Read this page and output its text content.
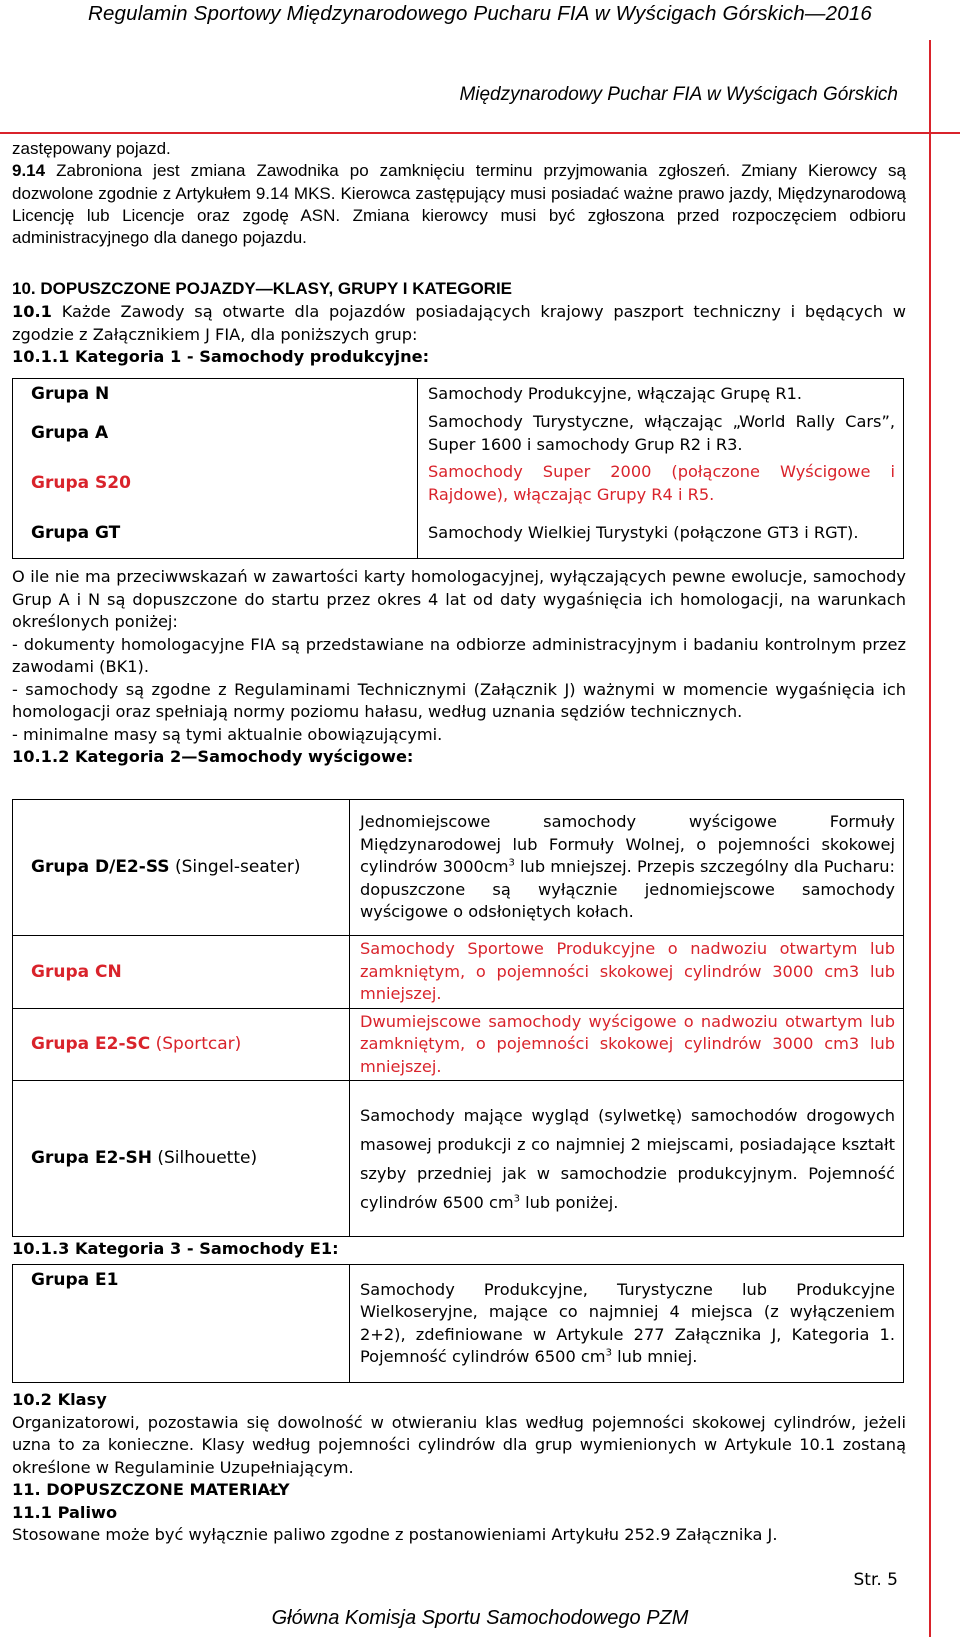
Regulamin Sportowy Międzynarodowego Pucharu FIA w Wyścigach Górskich—2016
Międzynarodowy Puchar FIA w Wyścigach Górskich

zastępowany pojazd.

9.14 Zabroniona jest zmiana Zawodnika po zamknięciu terminu przyjmowania zgłoszeń. Zmiany Kierowcy są dozwolone zgodnie z Artykułem 9.14 MKS. Kierowca zastępujący musi posiadać ważne prawo jazdy, Międzynarodową Licencję lub Licencje oraz zgodę ASN. Zmiana kierowcy musi być zgłoszona przed rozpoczęciem odbioru administracyjnego dla danego pojazdu.

10. DOPUSZCZONE POJAZDY—KLASY, GRUPY I KATEGORIE

10.1 Każde Zawody są otwarte dla pojazdów posiadających krajowy paszport techniczny i będących w zgodzie z Załącznikiem J FIA, dla poniższych grup:

10.1.1 Kategoria 1 - Samochody produkcyjne:

Grupa N	Samochody Produkcyjne, włączając Grupę R1.
Grupa A	Samochody Turystyczne, włączając „World Rally Cars”, Super 1600 i samochody Grup R2 i R3.
Grupa S20	Samochody Super 2000 (połączone Wyścigowe i Rajdowe), włączając Grupy R4 i R5.
Grupa GT	Samochody Wielkiej Turystyki (połączone GT3 i RGT).

O ile nie ma przeciwwskazań w zawartości karty homologacyjnej, wyłączających pewne ewolucje, samochody Grup A i N są dopuszczone do startu przez okres 4 lat od daty wygaśnięcia ich homologacji, na warunkach określonych poniżej:

- dokumenty homologacyjne FIA są przedstawiane na odbiorze administracyjnym i badaniu kontrolnym przez zawodami (BK1).

- samochody są zgodne z Regulaminami Technicznymi (Załącznik J) ważnymi w momencie wygaśnięcia ich homologacji oraz spełniają normy poziomu hałasu, według uznania sędziów technicznych.

- minimalne masy są tymi aktualnie obowiązującymi.

10.1.2 Kategoria 2—Samochody wyścigowe:

Grupa D/E2-SS (Singel-seater)	Jednomiejscowe samochody wyścigowe Formuły Międzynarodowej lub Formuły Wolnej, o pojemności skokowej cylindrów $3000cm^3$ lub mniejszej. Przepis szczególny dla Pucharu: dopuszczone są wyłącznie jednomiejscowe samochody wyścigowe o odsłoniętych kołach.
Grupa CN	Samochody Sportowe Produkcyjne o nadwoziu otwartym lub zamkniętym, o pojemności skokowej cylindrów 3000 cm3 lub mniejszej.
Grupa E2-SC (Sportcar)	Dwumiejscowe samochody wyścigowe o nadwoziu otwartym lub zamkniętym, o pojemności skokowej cylindrów 3000 cm3 lub mniejszej.
Grupa E2-SH (Silhouette)	Samochody mające wygląd (sylwetkę) samochodów drogowych masowej produkcji z co najmniej 2 miejscami, posiadające kształt szyby przedniej jak w samochodzie produkcyjnym. Pojemność cylindrów 6500 $cm^3$ lub poniżej.

10.1.3 Kategoria 3 - Samochody E1:

Grupa E1	Samochody Produkcyjne, Turystyczne lub Produkcyjne Wielkoseryjne, mające co najmniej 4 miejsca (z wyłączeniem 2+2), zdefiniowane w Artykule 277 Załącznika J, Kategoria 1. Pojemność cylindrów 6500 $cm^3$ lub mniej.

10.2 Klasy

Organizatorowi, pozostawia się dowolność w otwieraniu klas według pojemności skokowej cylindrów, jeżeli uzna to za konieczne. Klasy według pojemności cylindrów dla grup wymienionych w Artykule 10.1 zostaną określone w Regulaminie Uzupełniającym.

11. DOPUSZCZONE MATERIAŁY

11.1 Paliwo

Stosowane może być wyłącznie paliwo zgodne z postanowieniami Artykułu 252.9 Załącznika J.

Str. 5
Główna Komisja Sportu Samochodowego PZM
